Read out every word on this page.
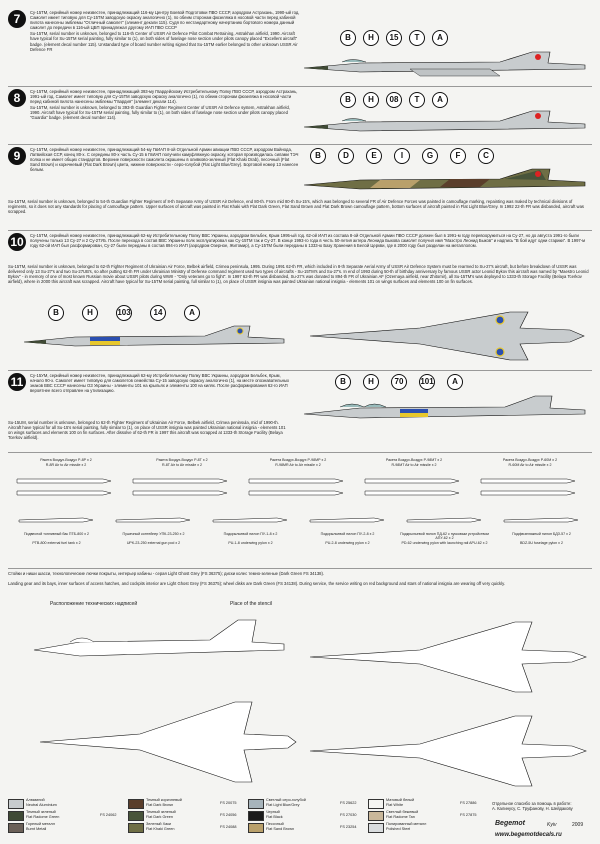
7	Су-15ТМ, серийный номер неизвестен, принадлежащий 116-му Центру Боевой Подготовки ПВО СССР, аэродром Астрахань, 1990-ый год. Самолет имеет типовую для Су-15ТМ заводскую окраску аналогично (1), по обеим сторонам фюзеляжа в носовой части перед кабиной пилота нанесены эмблемы "Отличный самолет" (элемент декали 115). Судя по нестандартному начертанию бортового номера данный самолет до передачи в 116-ый ЦБП принадлежал другому ИАП ПВО СССР

Su-15TM, serial number is unknown, belonged to 116-th Center of USSR Air Defence Pilot Combat Retraining, Astrakhan airfield, 1990. Aircraft have typical for Su-15TM serial painting, fully similar to (1), on both sides of fuselage nose section under pilots canopy placed "Excellent aircraft" badge. (element decal number 115). Unstandard type of board number writing signed that Su-15TM earlier belonged to other unknown USSR Air Defence FR

B	H	15	T	A
8	Су-15ТМ, серийный номер неизвестен, принадлежащий 393-му Гвардейскому Истребительному Полку ПВО СССР, аэродром Астрахань, 1991-ый год. Самолет имеет типовую для Су-15ТМ заводскую окраску аналогично (1), по обеим сторонам фюзеляжа в носовой части перед кабиной пилота нанесены эмблемы "Гвардия" (элемент декали 114).

Su-15TM, serial number is unknown, belonged to 393-th Guardian Fighter Regiment Center of USSR Air Defence system, Astrakhan airfield, 1990. Aircraft have typical for Su-15TM serial painting, fully similar to (1), on both sides of fuselage nose section under pilots canopy placed "Guardia" badge. (element decal number 114).

B	H	08	T	A
9	Су-15ТМ, серийный номер неизвестен, принадлежащий 54-му ГвИАП 8-ой Отдельной Армии авиации ПВО СССР, аэродром Вайнода, Латвийская ССР, конец 80-х. С середины 80-х часть Су-15 в ГвИАП получили камуфляжную окраску, которая производилась силами ТЭЧ полка и не имеет общих стандартов. Верхние поверхности самолета окрашены в оливково-зеленый (Flat Khaki Drab), песочный (Flat Sand Brown) и коричневый (Flat Dark Brown) цвета, нижние поверхности - серо-голубой (Flat Light Blue/Grey). Бортовой номер 13 нанесен белым.
B	D	E	I	G	F	C
Su-15TM, serial number is unknown, belonged to 54-th Guardian Fighter Regiment of 8-th Separate Army of USSR Air Defence, end 80-th. From mid 80-th Su-15's, which was belonged to several FR of Air Defence Forces was painted in camouflage marking, repainting was maked by technical divisions of regiments, so it does not any standards for placing of camouflage pattern. Upper surfaces of aircraft was painted in Flat Khaki with Flat Dark Green, Flat Sand Brown and Flat Dark Brown camouflage pattern, bottom surfaces of aircraft painted in Flat Light Blue/Grey. In 1992 22-th FR was disbanded, aircraft was scrapped.
10	Су-15ТМ, серийный номер неизвестен, принадлежащий 62-му Истребительному Полку ВВС Украины, аэродром Бельбек, Крым 1995-ый год. 62-ой ИАП из состава 8-ой Отдельной Армии ПВО СССР должен был в 1991-м году перевооружиться на Су-27, но до августа 1991-го были получены только 13 Су-27 и 2 Су-27УБ. После перехода в состав ВВС Украины полк эксплуатировал как Су-15ТМ так и Су-27. В конце 1993-го года в честь 50-летия актера Леонида Быкова самолет получил имя "Маэстро Леонид Быков" и надпись "В бой идут одни старики". В 1997-м году 62-ой ИАП был расформирован, Су-27 были переданы в состав 894-го ИАП (аэродром Озерное, Житомир), а Су-15ТМ были переданы в 1333-ю Базу Хранения в Белой Церкви, где в 2000 году был разделан на металлолом.
Su-15TM, serial number is unknown, belonged to 62-th Fighter Regiment of Ukrainian Air Force, Belbek airfield, Crimea peninsula, 1995. During 1991 62-th FR, which included in 8-th Separate Aerial Army of USSR Air Defence System must be rearmed to Su-27's aircraft, but before breakdown of USSR was delivered only 13 Su-27's and two Su-27UB's, so after putting 62-th FR under Ukrainian Ministry of Defense command regiment used two types of aircrafts - Su-15TM's and Su-27's. In end of 1993 during 50-th of birthday anniversary by famous USSR actor Leonid Bykov this aircraft was named by "Maestro Leonid Bykov" - in memory of one of most known Russian movie about USSR pilots during WWII - "Only veterans go to fight". In 1997 62-th FR was disbanded, Su-27's was donated to 894-th FR of Ukrainian AF (Ozernaya airfield, near Zhitomir), all Su-15TM's was deployed to 1333-th Storage Facility (Belaya Tcerkov airfield), where in 2000 this aircraft was scrapped. Aircraft have typical for Su-15TM serial painting, full similar to (1), on place of USSR insignia was painted Ukrainian national insignia - elements 101 on wings surfaces and elements 100 on fin surfaces.
B	H	103	14	A
11	Су-15УМ, серийный номер неизвестен, принадлежащий 62-му Истребительному Полку ВВС Украины, аэродром Бельбек, Крым, начало 90-х. Самолет имеет типовую для самолетов семейства Су-15 заводскую окраску аналогично (1), на месте опознавательных знаков ВВС СССР нанесены ОЗ Украины - элементы 101 на крыльях и элементы 100 на килях. После расформирования 62-го ИАП вероятнее всего отправлен на утилизацию.
Su-15UM, serial number is unknown, belonged to 62-th Fighter Regiment of Ukrainian Air Force, Belbek airfield, Crimea peninsula, mid of 1990-th. Aircraft have typical for all Su-15's serial painting, fully similar to (1), on place of USSR insignia was painted Ukrainian national insignia - elements 101 on wings surfaces and elements 100 on fin surfaces. After dissolve of 62-th FR in 1997 this aircraft was scrapped at 1333-th Storage Facility (Belaya Tcerkov airfield).
B	H	70	101	A
Ракета Воздух-Воздух Р-8Р х 2
R-8R Air to Air missile x 2
Ракета Воздух-Воздух Р-8Т х 2
R-8T Air to Air missile x 2
Ракета Воздух-Воздух Р-98МР х 2
R-98MR Air to Air missile x 2
Ракета Воздух-Воздух Р-98МТ х 2
R-98MT Air to Air missile x 2
Ракета Воздух-Воздух Р-60М х 2
R-60M Air to Air missile x 2
Подвесной топливный бак ПТБ-800 х 2
PTB-800 external fuel tank x 2
Пушечный контейнер УПК-23-250 х 2
UPK-23-250 external gun pod x 2
Подкрыльевой пилон ПУ-1-8 х 2
PU-1-8 underwing pylon x 2
Подкрыльевой пилон ПУ-2-8 х 2
PU-2-8 underwing pylon x 2
Подкрыльевой пилон ПД-62 с пусковым устройством АПУ-62 х 2
PD-62 underwing pylon with launching rail APU-62 x 2
Подфюзеляжный пилон БДЗ-57 х 2
BDZ-5U fuselage pylon x 2
Стойки и ниши шасси, технологические лючки покрыты, интерьер кабины - серая Light Ghost Grey (FS 36375); диски колес темно-зеленые (Dark Green FS 34138).
Landing gear and its bays, inner surfaces of access hatches, and cockpits interior are Light Ghost Grey (FS 36375); wheel disks are Dark Green (FS 34138). During service, the service writing on red background and stars of national insignia are wearing off very quickly.
Расположение технических надписей	Place of the stencil
Алюминий
Neutral Aluminium
Темный зеленый
Flat Radome Green	FS 24062
Горелый металл
Burnt Metall
Темный коричневый
Flat Dark Brown	FS 20075
Темный зеленый
Flat Dark Green	FS 24056
Зеленый Хаки
Flat Khaki Green	FS 24088
Светлый серо-голубой
Flat Light Blue/Grey	FS 25622
Черный
Flat Black	FS 27030
Песочный
Flat Sand Brown	FS 23254
Матовый белый
Flat White	FS 27886
Светлый бежевый
Flat Radome Tan	FS 27875
Полированный металл
Polished Steel
Отдельное спасибо за помощь в работе:
А. Калинусу, С. Труфанову, Н. Шейдакову
Begemot	Kyiv	2009
www.begemotdecals.ru
